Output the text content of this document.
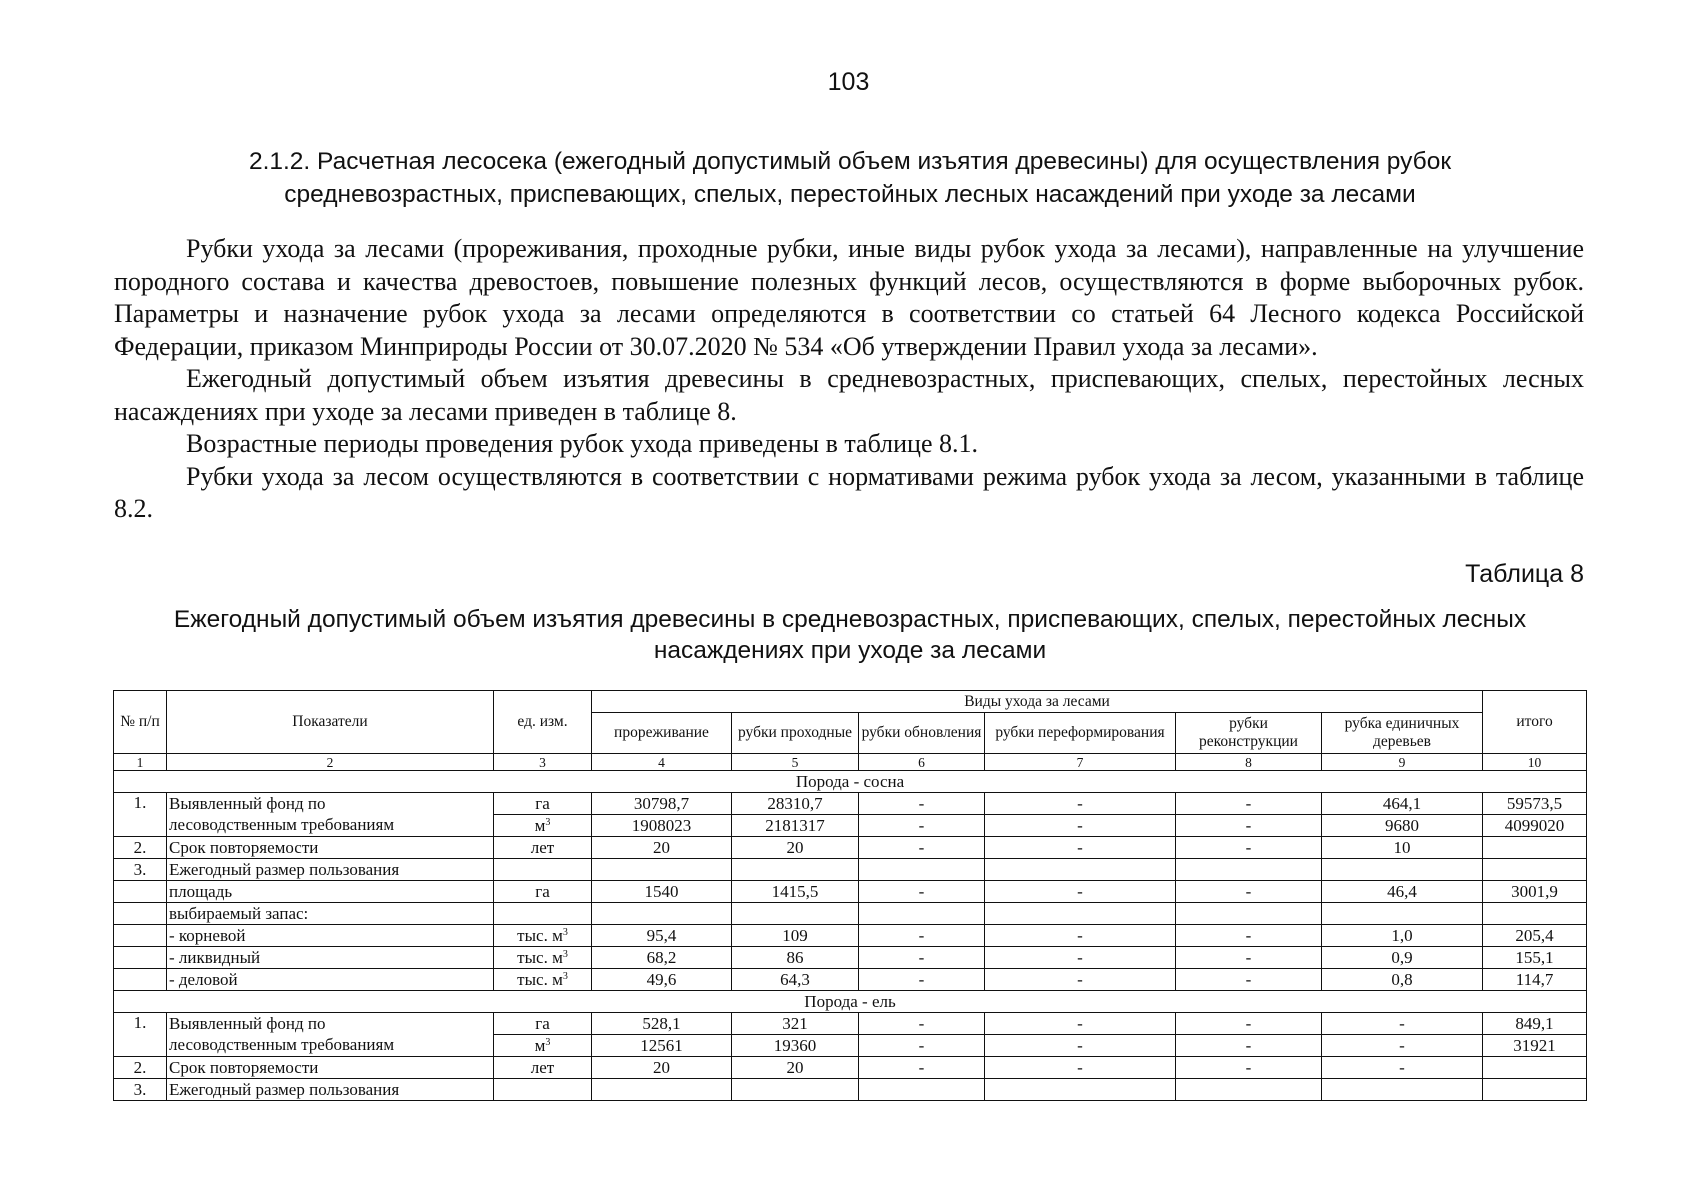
103
2.1.2. Расчетная лесосека (ежегодный допустимый объем изъятия древесины) для осуществления рубок средневозрастных, приспевающих, спелых, перестойных лесных насаждений при уходе за лесами

Рубки ухода за лесами (прореживания, проходные рубки, иные виды рубок ухода за лесами), направленные на улучшение породного состава и качества древостоев, повышение полезных функций лесов, осуществляются в форме выборочных рубок. Параметры и назначение рубок ухода за лесами определяются в соответствии со статьей 64 Лесного кодекса Российской Федерации, приказом Минприроды России от 30.07.2020 № 534 «Об утверждении Правил ухода за лесами».

Ежегодный допустимый объем изъятия древесины в средневозрастных, приспевающих, спелых, перестойных лесных насаждениях при уходе за лесами приведен в таблице 8.

Возрастные периоды проведения рубок ухода приведены в таблице 8.1.

Рубки ухода за лесом осуществляются в соответствии с нормативами режима рубок ухода за лесом, указанными в таблице 8.2.

Таблица 8
Ежегодный допустимый объем изъятия древесины в средневозрастных, приспевающих, спелых, перестойных лесных насаждениях при уходе за лесами
№ п/п	Показатели	ед. изм.	Виды ухода за лесами						итого
			прореживание	рубки проходные	рубки обновления	рубки переформирования	рубки реконструкции	рубка единичных деревьев	
1	2	3	4	5	6	7	8	9	10
Порода - сосна									
1.	Выявленный фонд по	га	30798,7	28310,7	-	-	-	464,1	59573,5
	лесоводственным требованиям	$м^3$	1908023	2181317	-	-	-	9680	4099020
2.	Срок повторяемости	лет	20	20	-	-	-	10	
3.	Ежегодный размер пользования								
	площадь	га	1540	1415,5	-	-	-	46,4	3001,9
	выбираемый запас:								
	- корневой	тыс. $м^3$	95,4	109	-	-	-	1,0	205,4
	- ликвидный	тыс. $м^3$	68,2	86	-	-	-	0,9	155,1
	- деловой	тыс. $м^3$	49,6	64,3	-	-	-	0,8	114,7
Порода - ель									
1.	Выявленный фонд по	га	528,1	321	-	-	-	-	849,1
	лесоводственным требованиям	$м^3$	12561	19360	-	-	-	-	31921
2.	Срок повторяемости	лет	20	20	-	-	-	-	
3.	Ежегодный размер пользования								
